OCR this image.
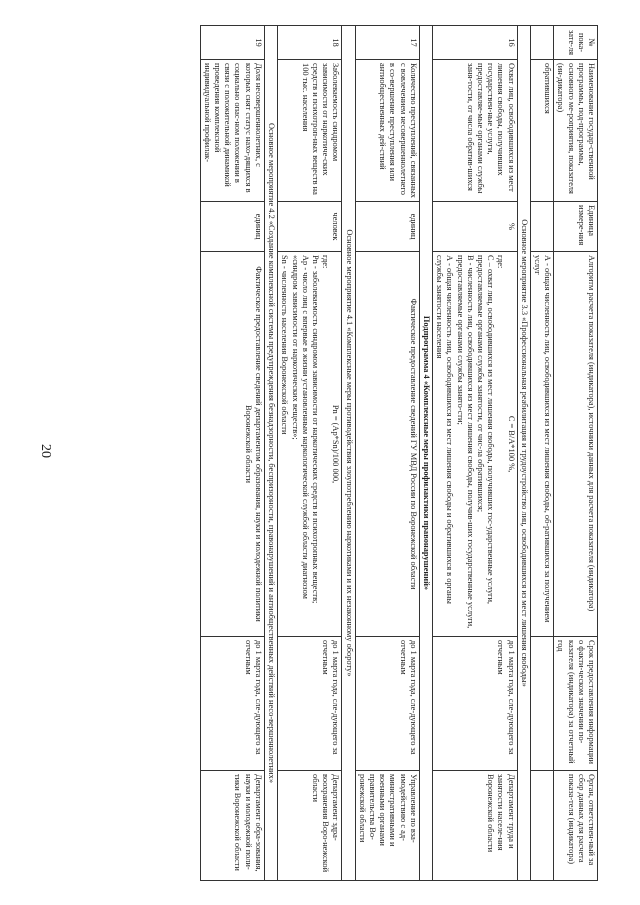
20
№ пока-зате-ля	Наименование государ-ственной программы, под-программы, основного ме-роприятия, показателя (ин-дикатора)	Единица измере-ния	Алгоритм расчета показателя (индикатора), источники данных для расчета показателя (индикатора)	Срок предоставления информации о факти-ческом значении по-казателя (индикатора) за отчетный год	Орган, ответствен-ный за сбор данных для расчета показа-теля (индикатора)
	обратившихся		А - общая численность лиц, освободившихся из мест лишения свободы, об-ратившихся за получением услуг		
Основное мероприятие 3.3 «Профессиональная реабилитация и трудоустройство лиц, освободившихся из мест лишения свободы»					
16	Охват лиц, освободившихся из мест лишения свободы, получивших государствен-ные услуги, предоставляе-мые органами службы заня-тости, от числа обратив-шихся	%	С = В/А*100 %,

где:

С – охват лиц, освободившихся из мест лишения свободы, получивших гос-ударственные услуги, предоставляемые органами службы занятости, от чис-ла обратившихся;

В - численность лиц, освободившихся из мест лишения свободы, получив-ших государственные услуги, предоставляемые органами службы занято-сти;

А - общая численность лиц, освободившихся из мест лишения свободы и обратившихся в органы службы занятости населения	до 1 марта года, сле-дующего за отчетным	Департамент труда и занятости населе-ния Воронежской области
Подпрограмма 4 «Комплексные меры профилактики правонарушений»					
17	Количество преступлений, связанных с вовлечением несовершеннолетнего в со-вершение преступления или антиобщественных дей-ствий	единиц	Фактическое предоставление сведений ГУ МВД России по Воронежской области	до 1 марта года, сле-дующего за отчетным	Управление по вза-имодействию с ад-министративными и военными органами правительства Во-ронежской области
Основное мероприятие 4.1 «Комплексные меры противодействия злоупотреблению наркотиками и их незаконному обороту»					
18	Заболеваемость синдромом зависимости от наркотиче-ских средств и психотроп-ных веществ на 100 тыс. населения	человек	Pn = (Ap*Sn)/100 000,

где:

Pn - заболеваемость синдромом зависимости от наркотических средств и психотропных веществ;

Ap - число лиц с впервые в жизни установленным наркологической службой области диагнозом «синдром зависимости от наркотических веществ»;

Sn - численность населения Воронежской области	до 1 марта года, сле-дующего за отчетным	Департамент здра-воохранения Воро-нежской области
Основное мероприятие 4.2 «Создание комплексной системы предупреждения безнадзорности, беспризорности, правонарушений и антиобщественных действий несо-вершеннолетних»					
19	Доля несовершеннолетних, с которых снят статус нахо-дящихся в социально опас-ном положении в связи с положительной динамикой проведения комплексной индивидуальной профилак-	единиц	Фактическое предоставление сведений департаментом образования, науки и молодежной политики Воронежской области	до 1 марта года, сле-дующего за отчетным	Департамент обра-зования, науки и молодежной поли-тики Воронежской области
